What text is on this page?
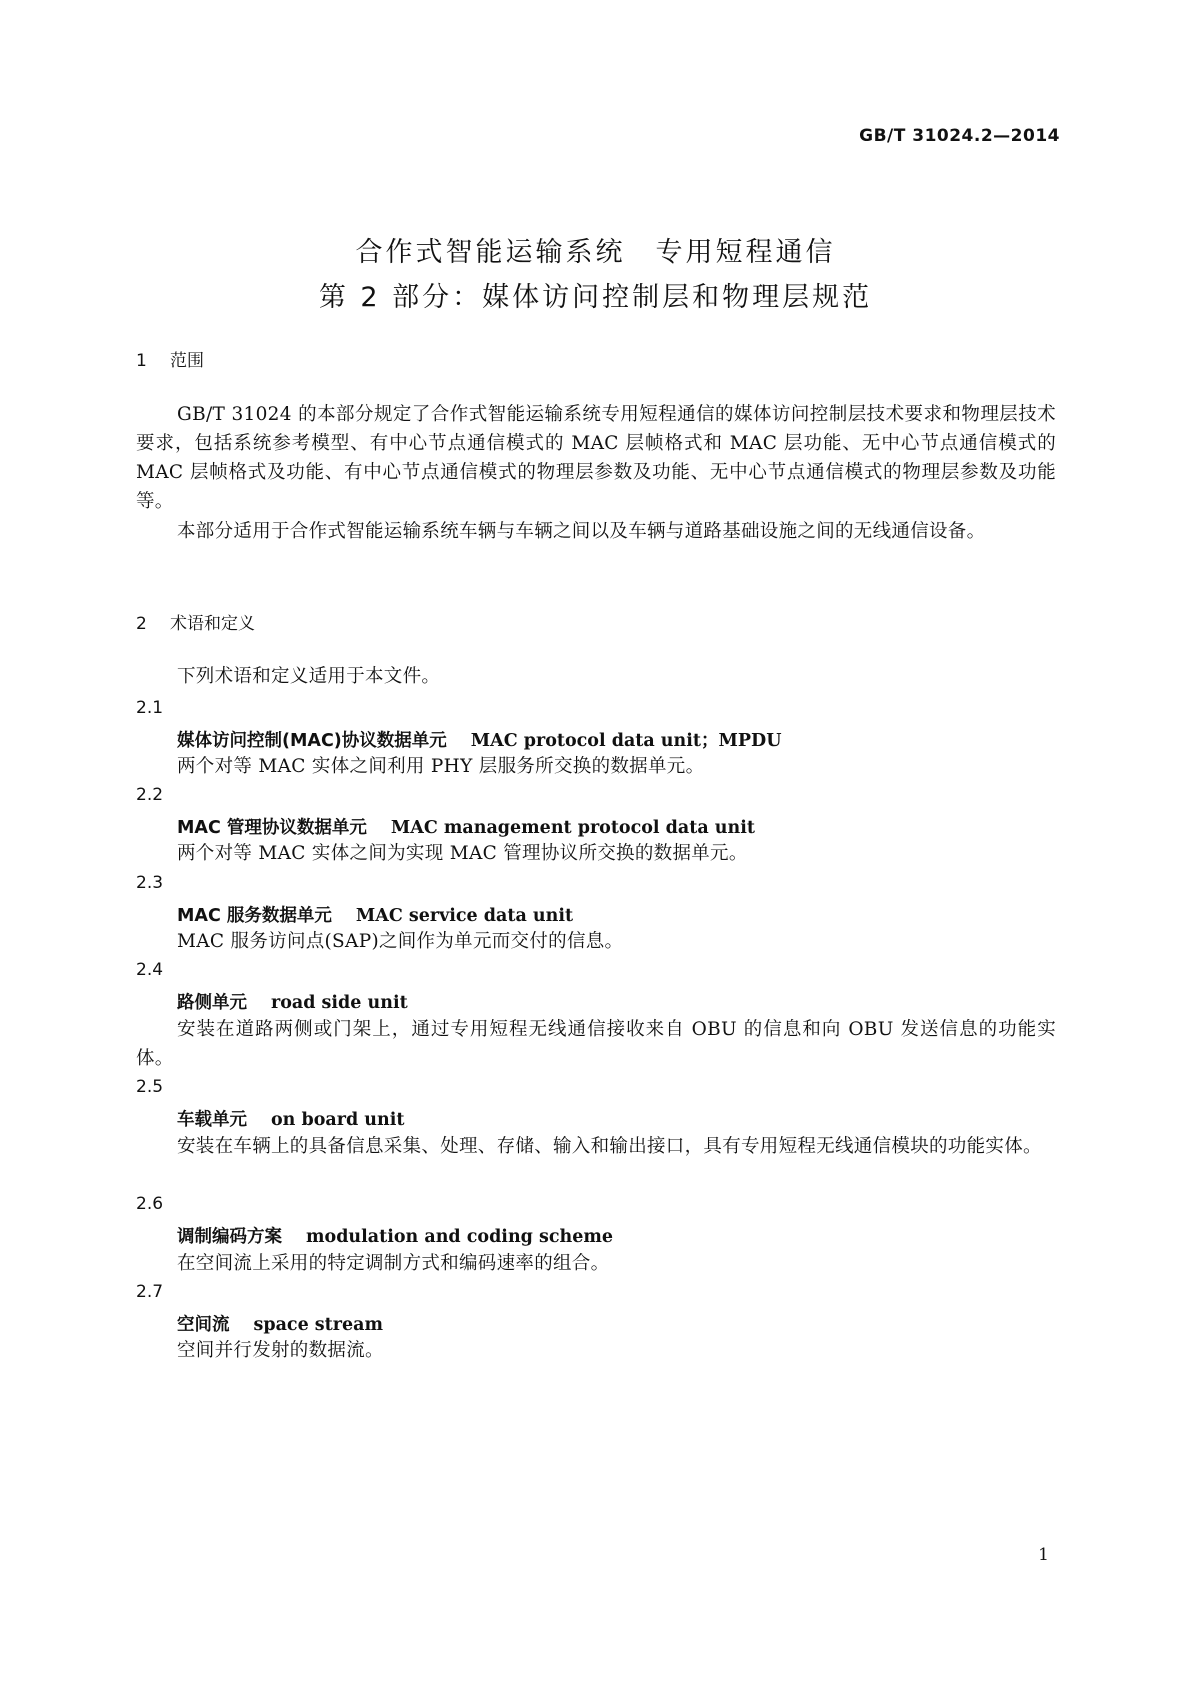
GB/T 31024.2—2014
合作式智能运输系统　专用短程通信
第 2 部分：媒体访问控制层和物理层规范
1 范围
GB/T 31024 的本部分规定了合作式智能运输系统专用短程通信的媒体访问控制层技术要求和物理层技术要求，包括系统参考模型、有中心节点通信模式的 MAC 层帧格式和 MAC 层功能、无中心节点通信模式的 MAC 层帧格式及功能、有中心节点通信模式的物理层参数及功能、无中心节点通信模式的物理层参数及功能等。
本部分适用于合作式智能运输系统车辆与车辆之间以及车辆与道路基础设施之间的无线通信设备。
2 术语和定义
下列术语和定义适用于本文件。
2.1
媒体访问控制(MAC)协议数据单元 MAC protocol data unit；MPDU
两个对等 MAC 实体之间利用 PHY 层服务所交换的数据单元。
2.2
MAC 管理协议数据单元 MAC management protocol data unit
两个对等 MAC 实体之间为实现 MAC 管理协议所交换的数据单元。
2.3
MAC 服务数据单元 MAC service data unit
MAC 服务访问点(SAP)之间作为单元而交付的信息。
2.4
路侧单元 road side unit
安装在道路两侧或门架上，通过专用短程无线通信接收来自 OBU 的信息和向 OBU 发送信息的功能实体。
2.5
车载单元 on board unit
安装在车辆上的具备信息采集、处理、存储、输入和输出接口，具有专用短程无线通信模块的功能实体。
2.6
调制编码方案 modulation and coding scheme
在空间流上采用的特定调制方式和编码速率的组合。
2.7
空间流 space stream
空间并行发射的数据流。
1
